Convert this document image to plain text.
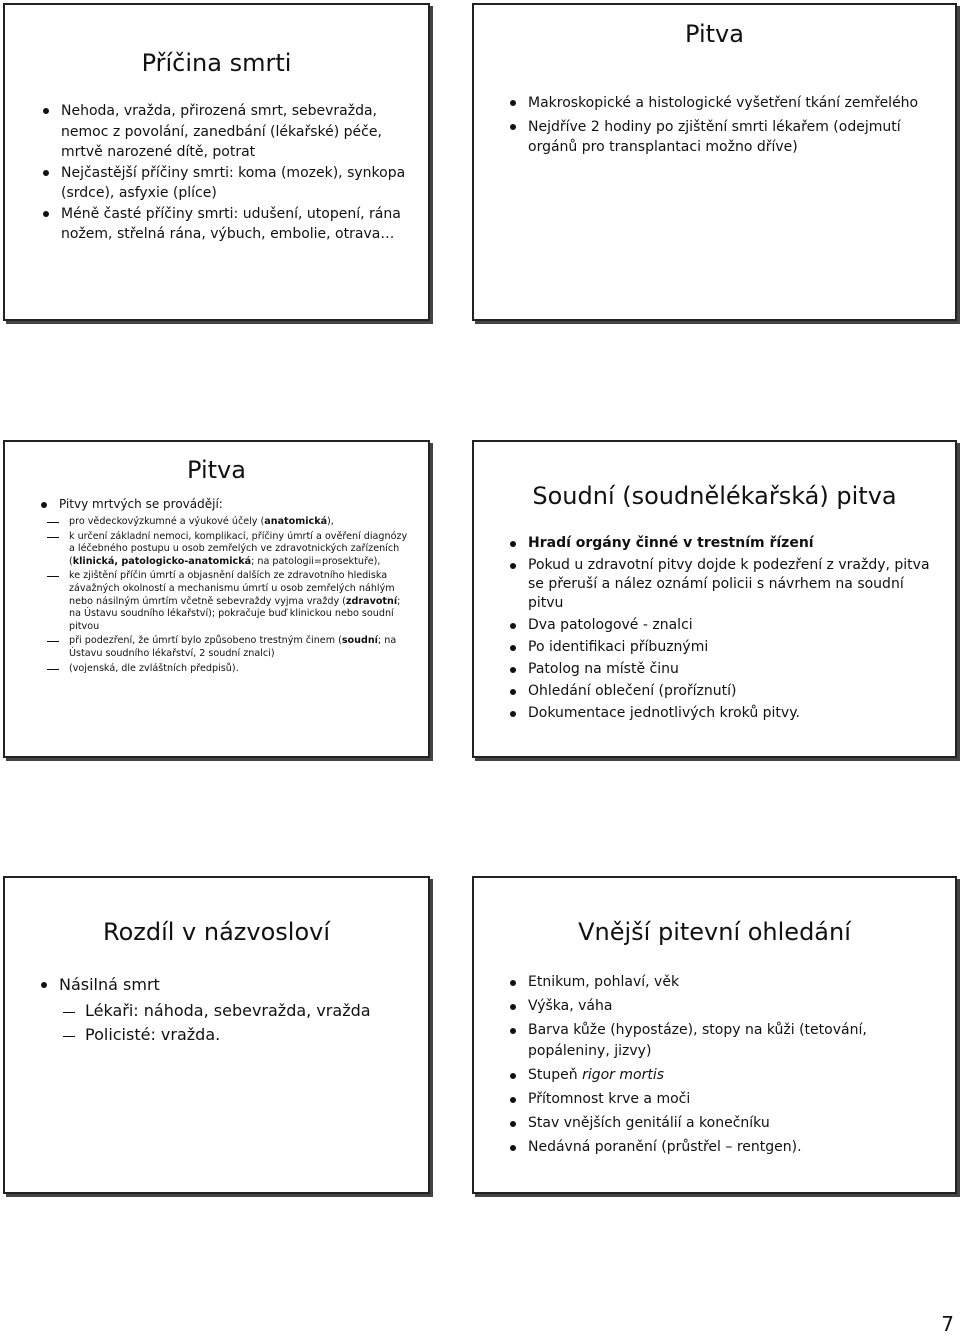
Příčina smrti
Nehoda, vražda, přirozená smrt, sebevražda, nemoc z povolání, zanedbání (lékařské) péče, mrtvě narozené dítě, potrat
Nejčastější příčiny smrti: koma (mozek), synkopa (srdce), asfyxie (plíce)
Méně časté příčiny smrti: udušení, utopení, rána nožem, střelná rána, výbuch, embolie, otrava…
Pitva
Makroskopické a histologické vyšetření tkání zemřelého
Nejdříve 2 hodiny po zjištění smrti lékařem (odejmutí orgánů pro transplantaci možno dříve)
Pitva
Pitvy mrtvých se provádějí:
pro vědeckovýzkumné a výukové účely (anatomická),
k určení základní nemoci, komplikací, příčiny úmrtí a ověření diagnózy a léčebného postupu u osob zemřelých ve zdravotnických zařízeních (klinická, patologicko-anatomická; na patologii=prosektuře),
ke zjištění příčin úmrtí a objasnění dalších ze zdravotního hlediska závažných okolností a mechanismu úmrtí u osob zemřelých náhlým nebo násilným úmrtím včetně sebevraždy vyjma vraždy (zdravotní; na Ústavu soudního lékařství); pokračuje buď klinickou nebo soudní pitvou
při podezření, že úmrtí bylo způsobeno trestným činem (soudní; na Ústavu soudního lékařství, 2 soudní znalci)
(vojenská, dle zvláštních předpisů).
Soudní (soudnělékařská) pitva
Hradí orgány činné v trestním řízení
Pokud u zdravotní pitvy dojde k podezření z vraždy, pitva se přeruší a nález oznámí policii s návrhem na soudní pitvu
Dva patologové - znalci
Po identifikaci příbuznými
Patolog na místě činu
Ohledání oblečení (proříznutí)
Dokumentace jednotlivých kroků pitvy.
Rozdíl v názvosloví
Násilná smrt
Lékaři: náhoda, sebevražda, vražda
Policisté: vražda.
Vnější pitevní ohledání
Etnikum, pohlaví, věk
Výška, váha
Barva kůže (hypostáze), stopy na kůži (tetování, popáleniny, jizvy)
Stupeň rigor mortis
Přítomnost krve a moči
Stav vnějších genitálií a konečníku
Nedávná poranění (průstřel – rentgen).
7
